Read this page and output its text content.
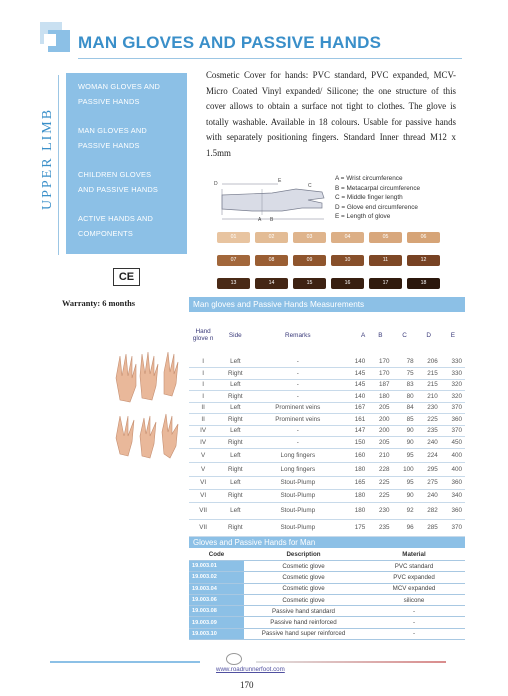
MAN GLOVES AND PASSIVE HANDS
UPPER LIMB
WOMAN GLOVES AND
PASSIVE HANDS
MAN GLOVES AND
PASSIVE HANDS
CHILDREN GLOVES
AND PASSIVE HANDS
ACTIVE HANDS AND
COMPONENTS
Cosmetic Cover for hands: PVC standard, PVC expanded, MCV-Micro Coated Vinyl expanded/ Silicone; the one structure of this cover allows to obtain a surface not tight to clothes. The glove is totally washable. Available in 18 colours. Usable for passive hands with separately positioning fingers. Standard Inner thread M12 x 1.5mm
D	E
A B
C
A = Wrist circumference
B = Metacarpal circumference
C = Middle finger length
D = Glove end circumference
E = Length of glove
01	02	03	04	05	06
07	08	09	10	11	12
13	14	15	16	17	18
CE
Warranty: 6 months	Man gloves and Passive Hands Measurements
Hand glove n	Side	Remarks	A	B	C	D	E
I	Left	-	140	170	78	206	330
I	Right	-	145	170	75	215	330
I	Left	-	145	187	83	215	320
I	Right	-	140	180	80	210	320
II	Left	Prominent veins	167	205	84	230	370
II	Right	Prominent veins	161	200	85	225	360
IV	Left	-	147	200	90	235	370
IV	Right	-	150	205	90	240	450
V	Left	Long fingers	160	210	95	224	400
V	Right	Long fingers	180	228	100	295	400
VI	Left	Stout-Plump	165	225	95	275	360
VI	Right	Stout-Plump	180	225	90	240	340
VII	Left	Stout-Plump	180	230	92	282	360
VII	Right	Stout-Plump	175	235	96	285	370
Gloves and Passive Hands for Man
Code	Description	Material
19.003.01	Cosmetic glove	PVC standard
19.003.02	Cosmetic glove	PVC expanded
19.003.04	Cosmetic glove	MCV expanded
19.003.06	Cosmetic glove	silicone
19.003.08	Passive hand standard	-
19.003.09	Passive hand reinforced	-
19.003.10	Passive hand super reinforced	-
www.roadrunnerfoot.com
170
